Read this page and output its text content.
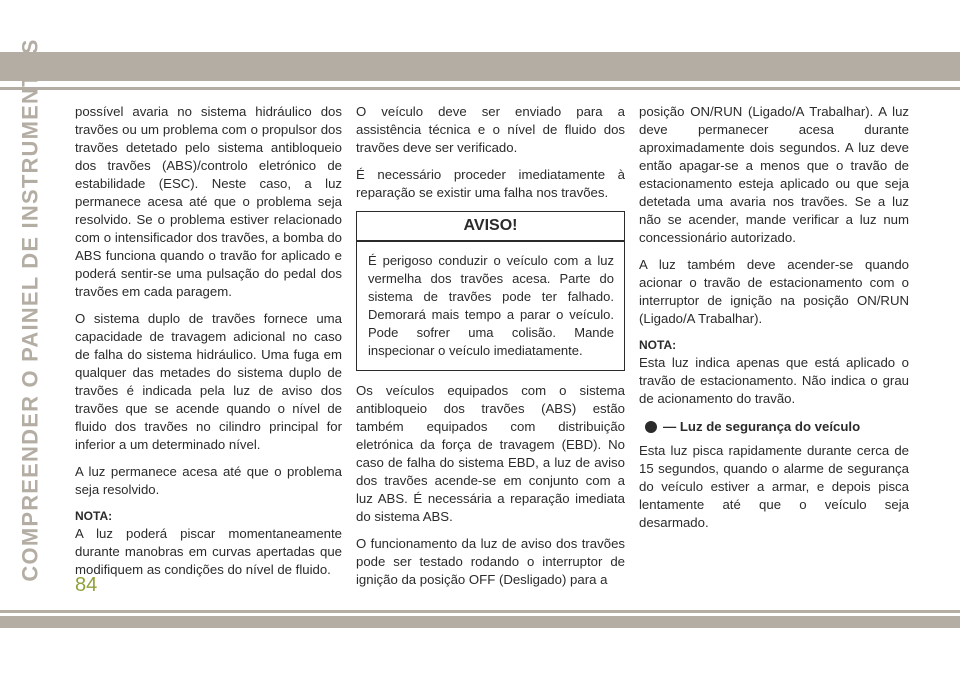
COMPREENDER O PAINEL DE INSTRUMENTOS possível avaria no sistema hidráulico dos travões ou um problema com o propulsor dos travões detetado pelo sistema antibloqueio dos travões (ABS)/controlo eletrónico de estabilidade (ESC). Neste caso, a luz permanece acesa até que o problema seja resolvido. Se o problema estiver relacionado com o intensificador dos travões, a bomba do ABS funciona quando o travão for aplicado e poderá sentir-se uma pulsação do pedal dos travões em cada paragem.

O sistema duplo de travões fornece uma capacidade de travagem adicional no caso de falha do sistema hidráulico. Uma fuga em qualquer das metades do sistema duplo de travões é indicada pela luz de aviso dos travões que se acende quando o nível de fluido dos travões no cilindro principal for inferior a um determinado nível.

A luz permanece acesa até que o problema seja resolvido.

NOTA:

A luz poderá piscar momentaneamente durante manobras em curvas apertadas que modifiquem as condições do nível de fluido.

O veículo deve ser enviado para a assistência técnica e o nível de fluido dos travões deve ser verificado.

É necessário proceder imediatamente à reparação se existir uma falha nos travões.

AVISO!
É perigoso conduzir o veículo com a luz vermelha dos travões acesa. Parte do sistema de travões pode ter falhado. Demorará mais tempo a parar o veículo. Pode sofrer uma colisão. Mande inspecionar o veículo imediatamente.

Os veículos equipados com o sistema antibloqueio dos travões (ABS) estão também equipados com distribuição eletrónica da força de travagem (EBD). No caso de falha do sistema EBD, a luz de aviso dos travões acende-se em conjunto com a luz ABS. É necessária a reparação imediata do sistema ABS.

O funcionamento da luz de aviso dos travões pode ser testado rodando o interruptor de ignição da posição OFF (Desligado) para a

posição ON/RUN (Ligado/A Trabalhar). A luz deve permanecer acesa durante aproximadamente dois segundos. A luz deve então apagar-se a menos que o travão de estacionamento esteja aplicado ou que seja detetada uma avaria nos travões. Se a luz não se acender, mande verificar a luz num concessionário autorizado.

A luz também deve acender-se quando acionar o travão de estacionamento com o interruptor de ignição na posição ON/RUN (Ligado/A Trabalhar).

NOTA:

Esta luz indica apenas que está aplicado o travão de estacionamento. Não indica o grau de acionamento do travão.

— Luz de segurança do veículo

Esta luz pisca rapidamente durante cerca de 15 segundos, quando o alarme de segurança do veículo estiver a armar, e depois pisca lentamente até que o veículo seja desarmado.

84
